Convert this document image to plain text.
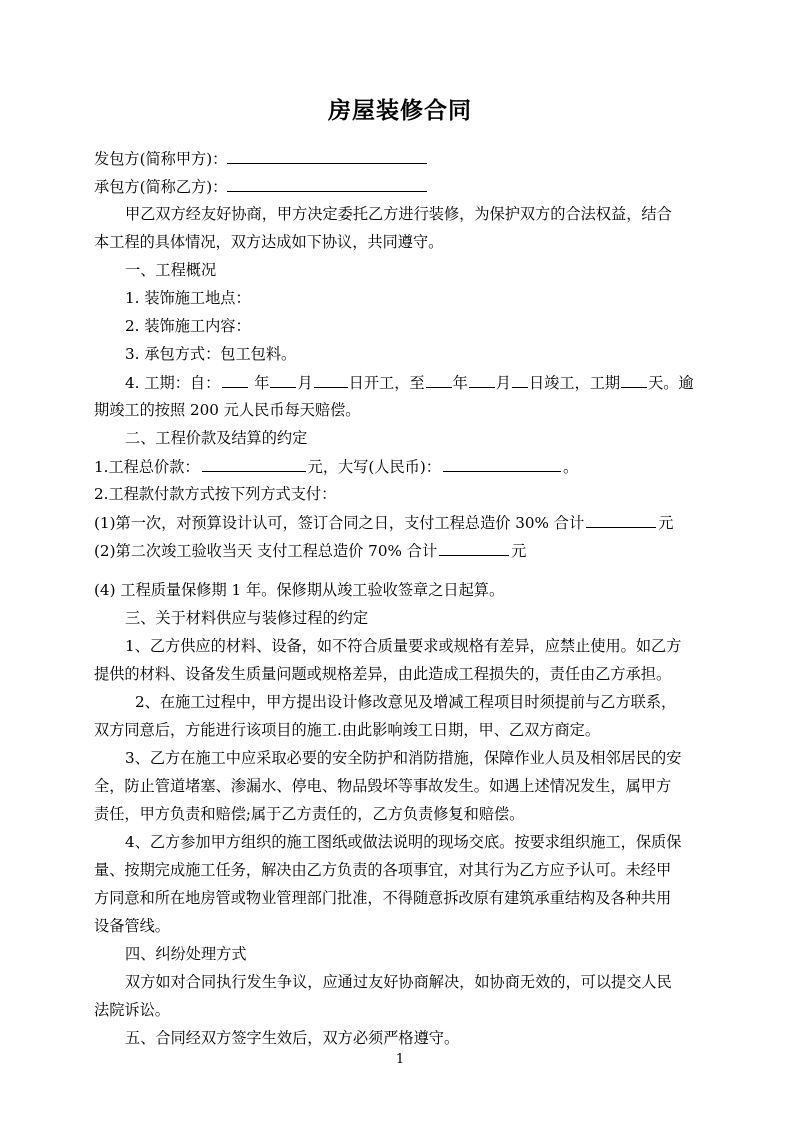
房屋装修合同
发包方(简称甲方)：
承包方(简称乙方)：
甲乙双方经友好协商，甲方决定委托乙方进行装修，为保护双方的合法权益，结合
本工程的具体情况，双方达成如下协议，共同遵守。
一、工程概况
1. 装饰施工地点：
2. 装饰施工内容：
3. 承包方式：包工包料。
4. 工期：自： 年 月 日开工，至 年 月 日竣工，工期 天。逾
期竣工的按照 200 元人民币每天赔偿。
二、工程价款及结算的约定
1.工程总价款：	元，大写(人民币)：	。
2.工程款付款方式按下列方式支付：
(1)第一次，对预算设计认可，签订合同之日，支付工程总造价 30% 合计	元
(2)第二次竣工验收当天 支付工程总造价 70% 合计	元
(4) 工程质量保修期 1 年。保修期从竣工验收签章之日起算。
三、关于材料供应与装修过程的约定
1、乙方供应的材料、设备，如不符合质量要求或规格有差异，应禁止使用。如乙方
提供的材料、设备发生质量问题或规格差异，由此造成工程损失的，责任由乙方承担。
2、在施工过程中，甲方提出设计修改意见及增减工程项目时须提前与乙方联系，
双方同意后，方能进行该项目的施工.由此影响竣工日期，甲、乙双方商定。
3、乙方在施工中应采取必要的安全防护和消防措施，保障作业人员及相邻居民的安
全，防止管道堵塞、渗漏水、停电、物品毁坏等事故发生。如遇上述情况发生，属甲方
责任，甲方负责和赔偿;属于乙方责任的，乙方负责修复和赔偿。
4、乙方参加甲方组织的施工图纸或做法说明的现场交底。按要求组织施工，保质保
量、按期完成施工任务，解决由乙方负责的各项事宜，对其行为乙方应予认可。未经甲
方同意和所在地房管或物业管理部门批准，不得随意拆改原有建筑承重结构及各种共用
设备管线。
四、纠纷处理方式
双方如对合同执行发生争议，应通过友好协商解决，如协商无效的，可以提交人民
法院诉讼。
五、合同经双方签字生效后，双方必须严格遵守。
1
